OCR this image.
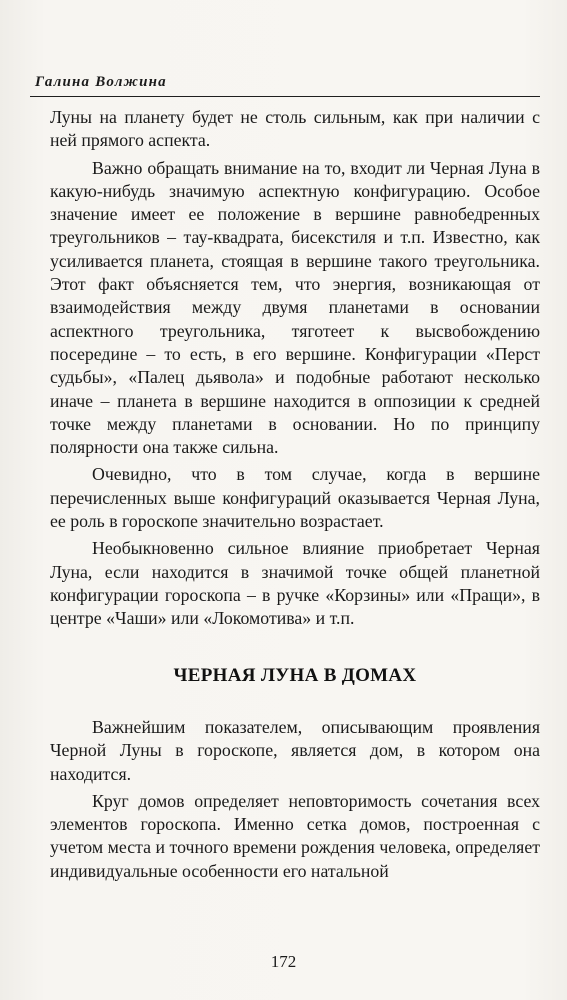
Галина Волжина

Луны на планету будет не столь сильным, как при наличии с ней прямого аспекта.

Важно обращать внимание на то, входит ли Черная Луна в какую-нибудь значимую аспектную конфигурацию. Особое значение имеет ее положение в вершине равнобедренных треугольников – тау-квадрата, бисекстиля и т.п. Известно, как усиливается планета, стоящая в вершине такого треугольника. Этот факт объясняется тем, что энергия, возникающая от взаимодействия между двумя планетами в основании аспектного треугольника, тяготеет к высвобождению посередине – то есть, в его вершине. Конфигурации «Перст судьбы», «Палец дьявола» и подобные работают несколько иначе – планета в вершине находится в оппозиции к средней точке между планетами в основании. Но по принципу полярности она также сильна.

Очевидно, что в том случае, когда в вершине перечисленных выше конфигураций оказывается Черная Луна, ее роль в гороскопе значительно возрастает.

Необыкновенно сильное влияние приобретает Черная Луна, если находится в значимой точке общей планетной конфигурации гороскопа – в ручке «Корзины» или «Пращи», в центре «Чаши» или «Локомотива» и т.п.

ЧЕРНАЯ ЛУНА В ДОМАХ

Важнейшим показателем, описывающим проявления Черной Луны в гороскопе, является дом, в котором она находится.

Круг домов определяет неповторимость сочетания всех элементов гороскопа. Именно сетка домов, построенная с учетом места и точного времени рождения человека, определяет индивидуальные особенности его натальной

172
